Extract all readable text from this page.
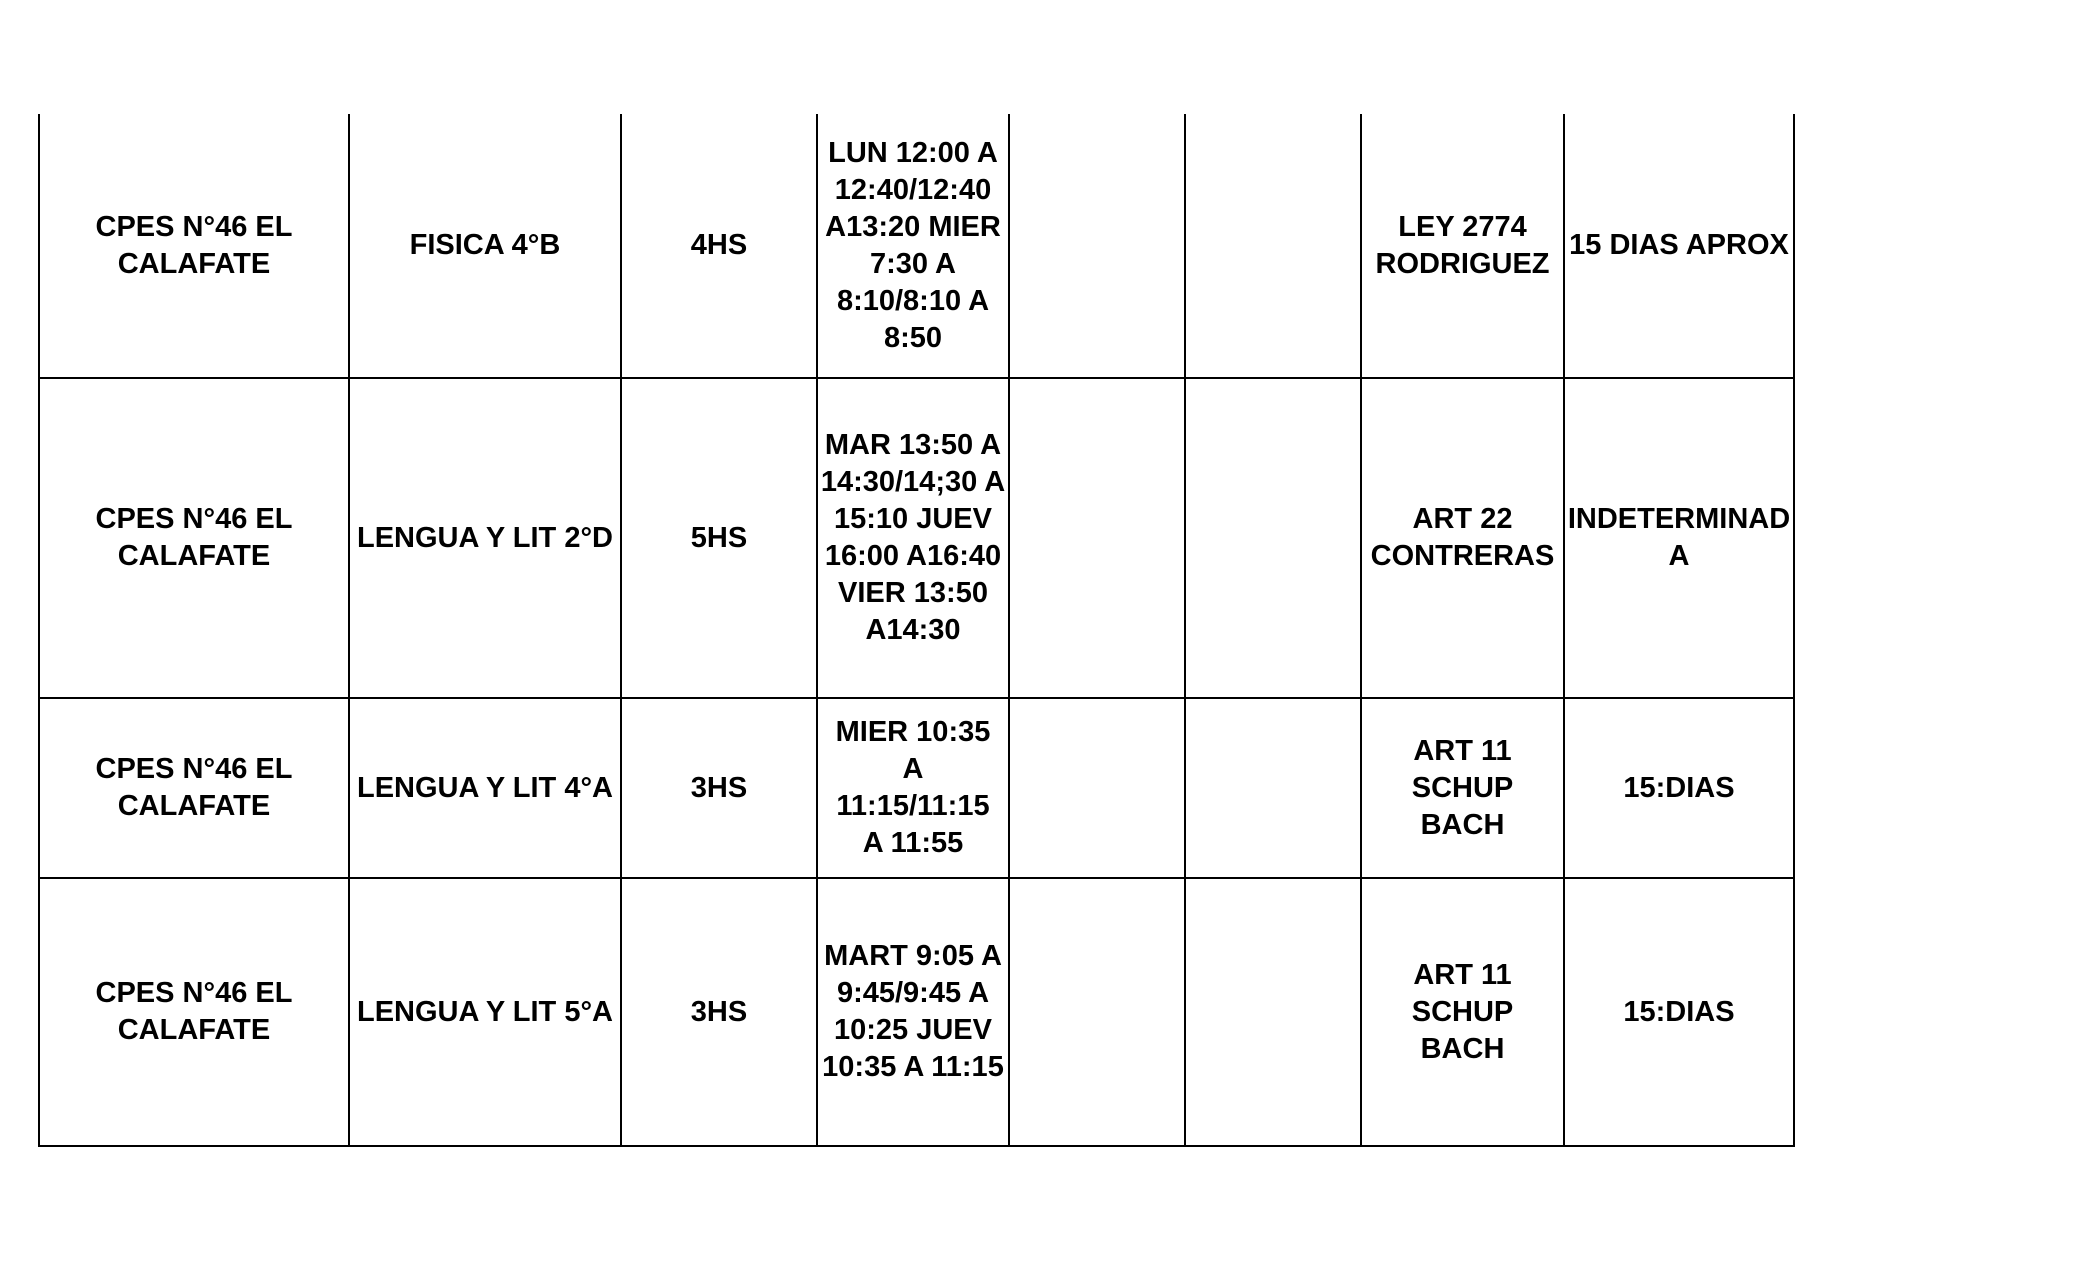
CPES N°46 EL CALAFATE	FISICA 4°B	4HS	LUN 12:00 A 12:40/12:40 A13:20 MIER 7:30 A 8:10/8:10 A 8:50			LEY 2774 RODRIGUEZ	15 DIAS APROX
CPES N°46 EL CALAFATE	LENGUA Y LIT 2°D	5HS	MAR 13:50 A 14:30/14;30 A 15:10 JUEV 16:00 A16:40 VIER 13:50 A14:30			ART 22 CONTRERAS	INDETERMINADA
CPES N°46 EL CALAFATE	LENGUA Y LIT 4°A	3HS	MIER 10:35 A 11:15/11:15 A 11:55			ART 11 SCHUP BACH	15:DIAS
CPES N°46 EL CALAFATE	LENGUA Y LIT 5°A	3HS	MART 9:05 A 9:45/9:45 A 10:25 JUEV 10:35 A 11:15			ART 11 SCHUP BACH	15:DIAS
